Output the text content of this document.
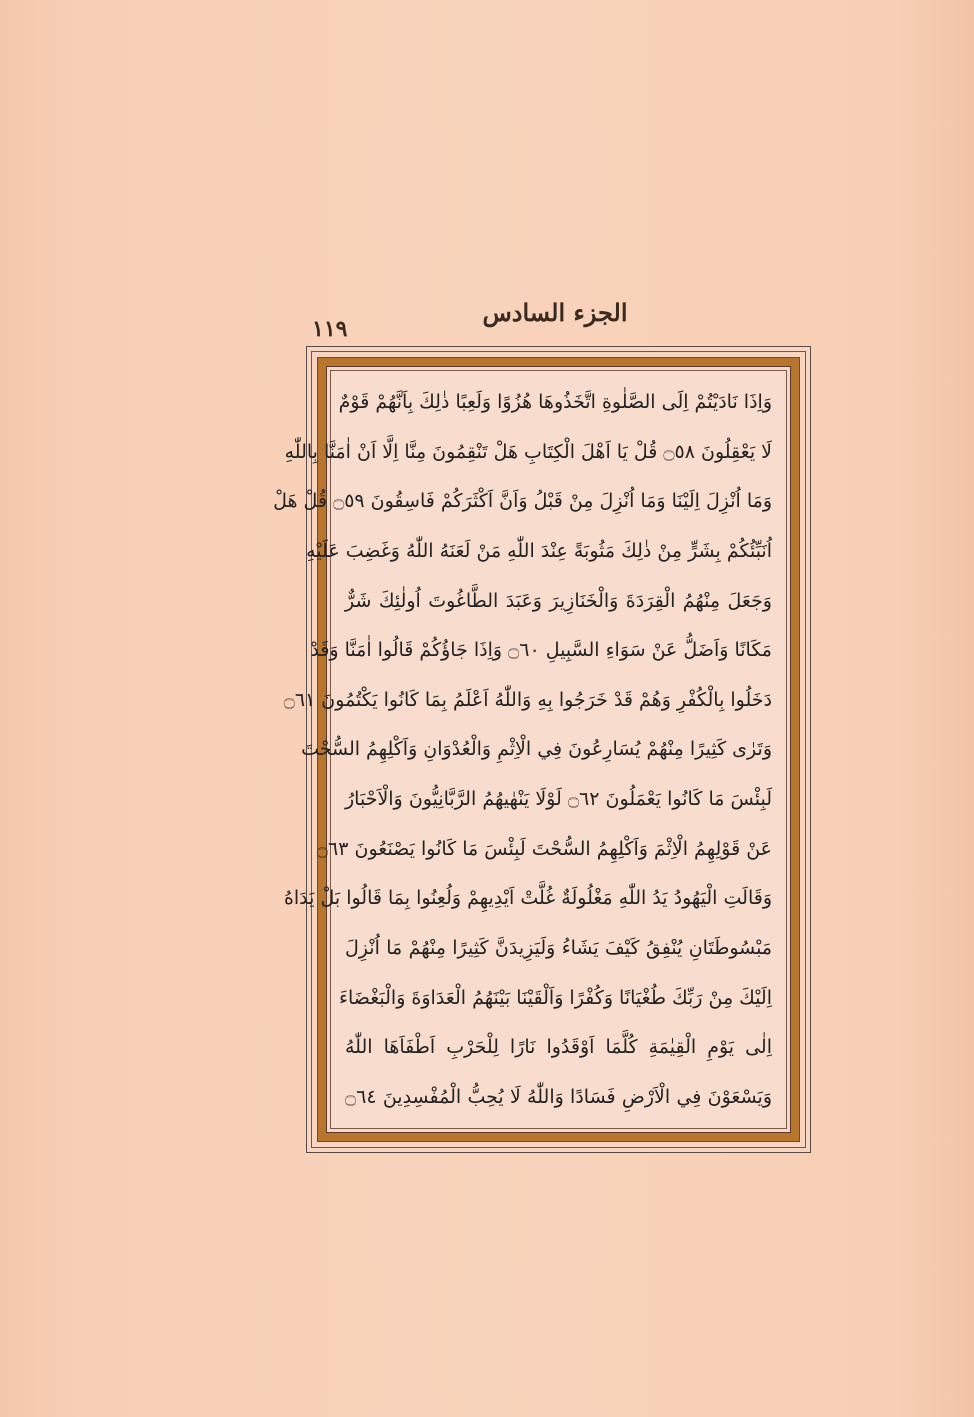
الجزء السادس
١١٩
وَاِذَا نَادَيْتُمْ اِلَى الصَّلٰوةِ اتَّخَذُوهَا هُزُوًا وَلَعِبًا ذٰلِكَ بِاَنَّهُمْ قَوْمٌ
لَا يَعْقِلُونَ ۝٥٨ قُلْ يَا اَهْلَ الْكِتَابِ هَلْ تَنْقِمُونَ مِنَّا اِلَّا اَنْ اٰمَنَّا بِاللّٰهِ
وَمَا اُنْزِلَ اِلَيْنَا وَمَا اُنْزِلَ مِنْ قَبْلُ وَاَنَّ اَكْثَرَكُمْ فَاسِقُونَ ۝٥٩ قُلْ هَلْ
اُنَبِّئُكُمْ بِشَرٍّ مِنْ ذٰلِكَ مَثُوبَةً عِنْدَ اللّٰهِ مَنْ لَعَنَهُ اللّٰهُ وَغَضِبَ عَلَيْهِ
وَجَعَلَ مِنْهُمُ الْقِرَدَةَ وَالْخَنَازِيرَ وَعَبَدَ الطَّاغُوتَ اُولٰئِكَ شَرٌّ
مَكَانًا وَاَضَلُّ عَنْ سَوَاءِ السَّبِيلِ ۝٦٠ وَاِذَا جَاؤُكُمْ قَالُوا اٰمَنَّا وَقَدْ
دَخَلُوا بِالْكُفْرِ وَهُمْ قَدْ خَرَجُوا بِهِ وَاللّٰهُ اَعْلَمُ بِمَا كَانُوا يَكْتُمُونَ ۝٦١
وَتَرٰى كَثِيرًا مِنْهُمْ يُسَارِعُونَ فِي الْاِثْمِ وَالْعُدْوَانِ وَاَكْلِهِمُ السُّحْتَ
لَبِئْسَ مَا كَانُوا يَعْمَلُونَ ۝٦٢ لَوْلَا يَنْهٰيهُمُ الرَّبَّانِيُّونَ وَالْاَحْبَارُ
عَنْ قَوْلِهِمُ الْاِثْمَ وَاَكْلِهِمُ السُّحْتَ لَبِئْسَ مَا كَانُوا يَصْنَعُونَ ۝٦٣
وَقَالَتِ الْيَهُودُ يَدُ اللّٰهِ مَغْلُولَةٌ غُلَّتْ اَيْدِيهِمْ وَلُعِنُوا بِمَا قَالُوا بَلْ يَدَاهُ
مَبْسُوطَتَانِ يُنْفِقُ كَيْفَ يَشَاءُ وَلَيَزِيدَنَّ كَثِيرًا مِنْهُمْ مَا اُنْزِلَ
اِلَيْكَ مِنْ رَبِّكَ طُغْيَانًا وَكُفْرًا وَاَلْقَيْنَا بَيْنَهُمُ الْعَدَاوَةَ وَالْبَغْضَاءَ
اِلٰى يَوْمِ الْقِيٰمَةِ كُلَّمَا اَوْقَدُوا نَارًا لِلْحَرْبِ اَطْفَاَهَا اللّٰهُ
وَيَسْعَوْنَ فِي الْاَرْضِ فَسَادًا وَاللّٰهُ لَا يُحِبُّ الْمُفْسِدِينَ ۝٦٤
